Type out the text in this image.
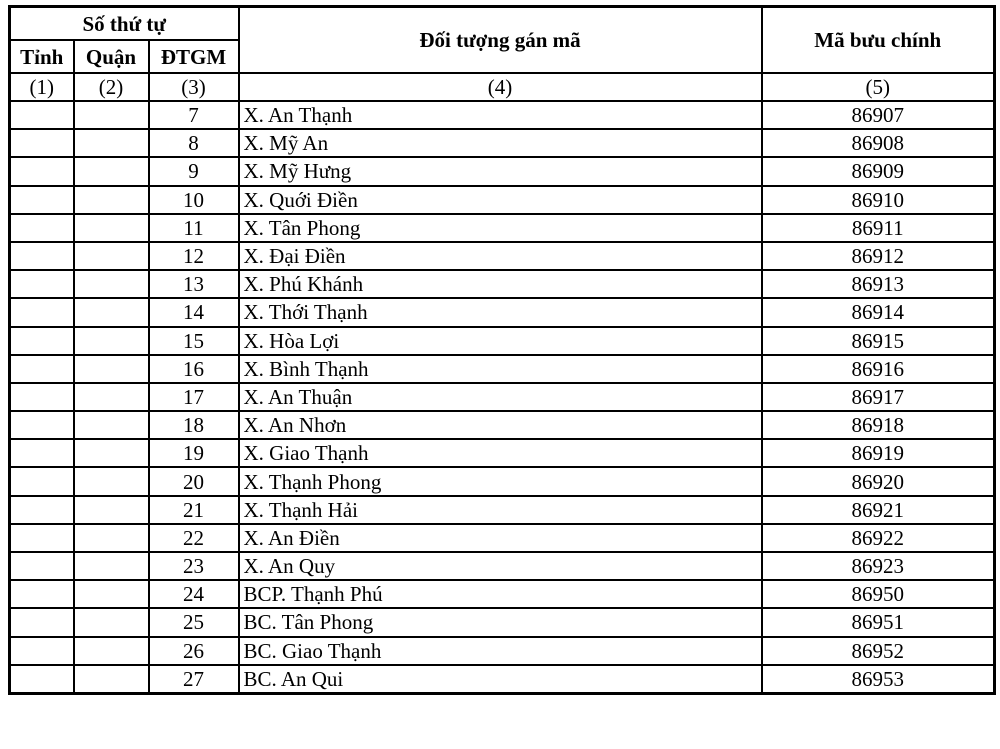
Số thứ tự			Đối tượng gán mã	Mã bưu chính
Tỉnh	Quận	ĐTGM		
(1)	(2)	(3)	(4)	(5)
		7	X. An Thạnh	86907
		8	X. Mỹ An	86908
		9	X. Mỹ Hưng	86909
		10	X. Quới Điền	86910
		11	X. Tân Phong	86911
		12	X. Đại Điền	86912
		13	X. Phú Khánh	86913
		14	X. Thới Thạnh	86914
		15	X. Hòa Lợi	86915
		16	X. Bình Thạnh	86916
		17	X. An Thuận	86917
		18	X. An Nhơn	86918
		19	X. Giao Thạnh	86919
		20	X. Thạnh Phong	86920
		21	X. Thạnh Hải	86921
		22	X. An Điền	86922
		23	X. An Quy	86923
		24	BCP. Thạnh Phú	86950
		25	BC. Tân Phong	86951
		26	BC. Giao Thạnh	86952
		27	BC. An Qui	86953
